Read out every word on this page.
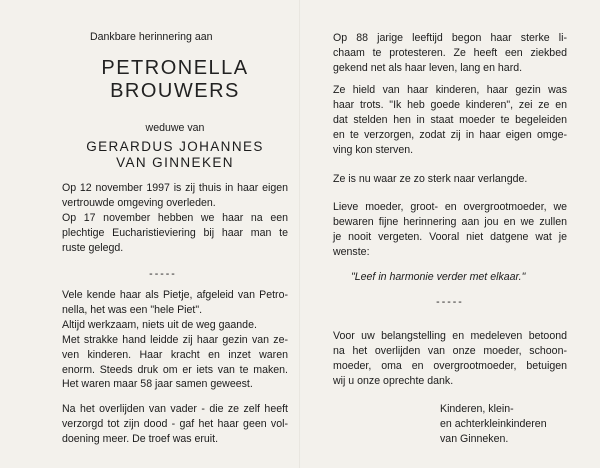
Dankbare herinnering aan
PETRONELLA
BROUWERS
weduwe van
GERARDUS JOHANNES
VAN GINNEKEN
Op 12 november 1997 is zij thuis in haar eigen
vertrouwde omgeving overleden.
Op 17 november hebben we haar na een
plechtige Eucharistieviering bij haar man te
ruste gelegd.
-----
Vele kende haar als Pietje, afgeleid van Petro-
nella, het was een "hele Piet".
Altijd werkzaam, niets uit de weg gaande.
Met strakke hand leidde zij haar gezin van ze-
ven kinderen. Haar kracht en inzet waren
enorm. Steeds druk om er iets van te maken.
Het waren maar 58 jaar samen geweest.
Na het overlijden van vader - die ze zelf heeft
verzorgd tot zijn dood - gaf het haar geen vol-
doening meer. De troef was eruit.
Op 88 jarige leeftijd begon haar sterke li-
chaam te protesteren. Ze heeft een ziekbed
gekend net als haar leven, lang en hard.
Ze hield van haar kinderen, haar gezin was
haar trots. "Ik heb goede kinderen", zei ze en
dat stelden hen in staat moeder te begeleiden
en te verzorgen, zodat zij in haar eigen omge-
ving kon sterven.
Ze is nu waar ze zo sterk naar verlangde.
Lieve moeder, groot- en overgrootmoeder, we
bewaren fijne herinnering aan jou en we zullen
je nooit vergeten. Vooral niet datgene wat je
wenste:
"Leef in harmonie verder met elkaar."
-----
Voor uw belangstelling en medeleven betoond
na het overlijden van onze moeder, schoon-
moeder, oma en overgrootmoeder, betuigen
wij u onze oprechte dank.
Kinderen, klein-
en achterkleinkinderen
van Ginneken.
